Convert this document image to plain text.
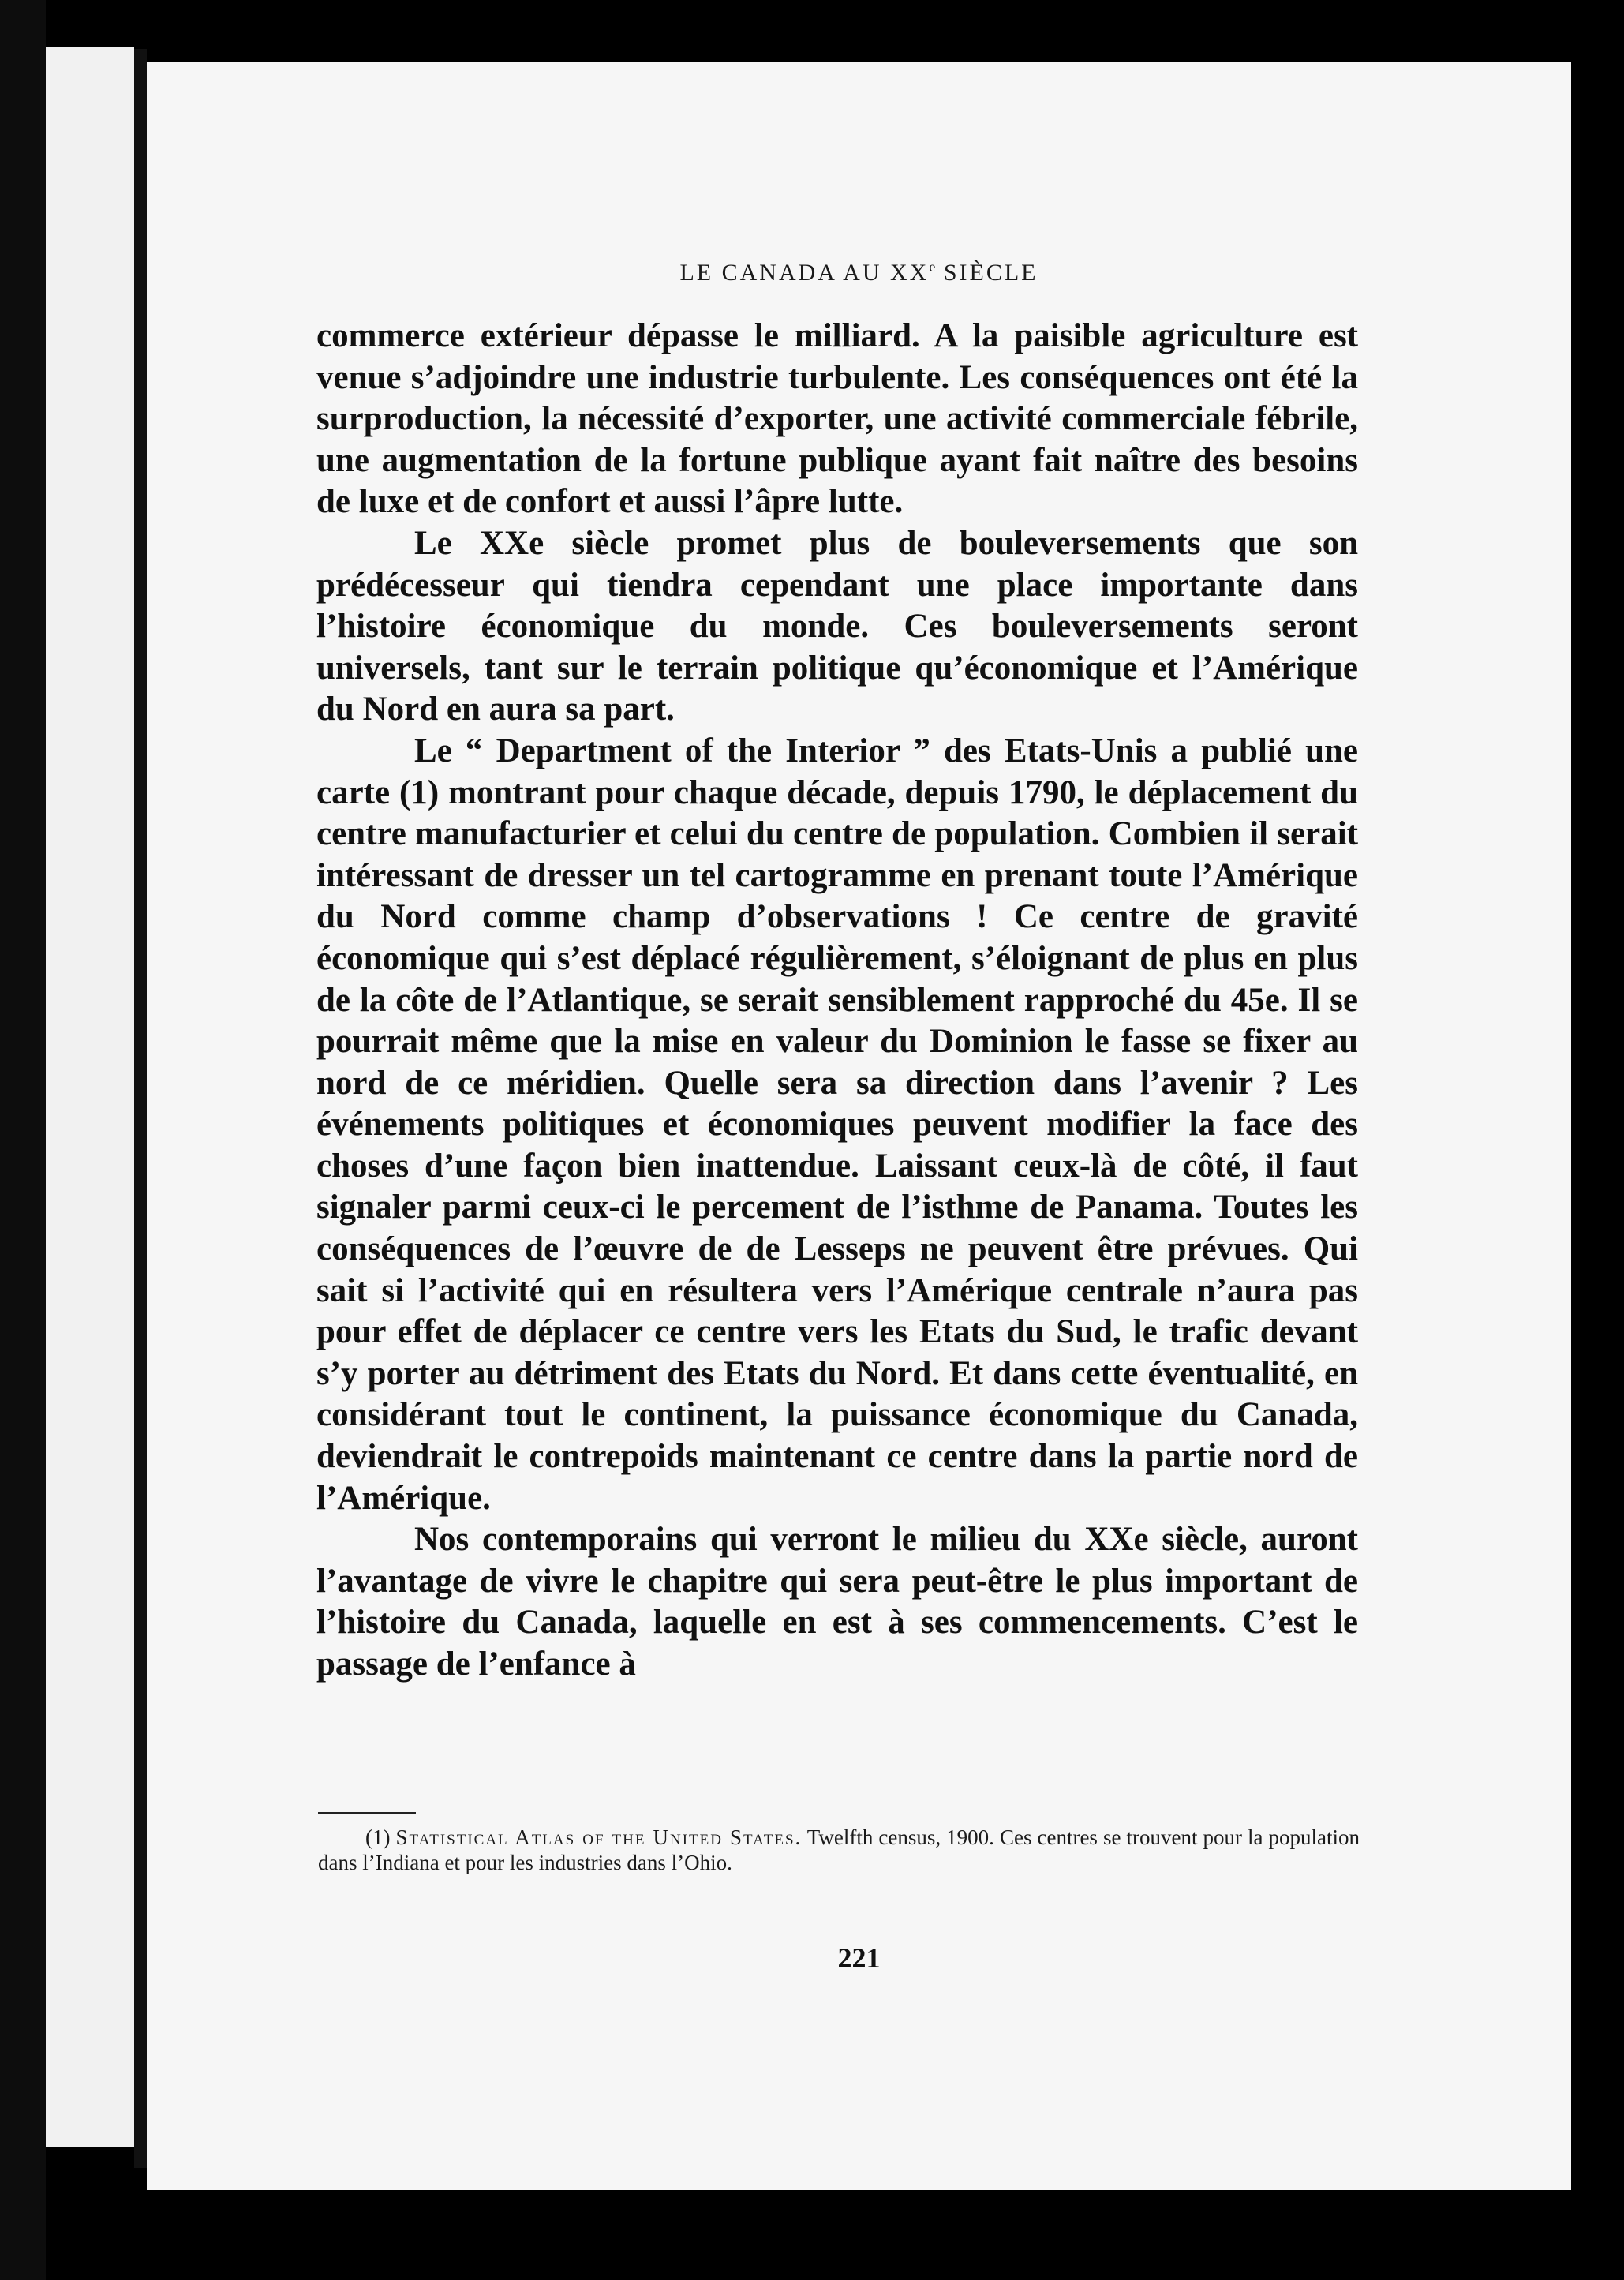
LE CANADA AU XXe SIÈCLE

commerce extérieur dépasse le milliard. A la paisible agriculture est venue s’adjoindre une industrie turbulente. Les conséquences ont été la surproduction, la nécessité d’exporter, une activité commerciale fébrile, une augmentation de la fortune publique ayant fait naître des besoins de luxe et de confort et aussi l’âpre lutte.

Le XXe siècle promet plus de bouleversements que son prédécesseur qui tiendra cependant une place importante dans l’histoire économique du monde. Ces bouleversements seront universels, tant sur le terrain politique qu’économique et l’Amérique du Nord en aura sa part.

Le “ Department of the Interior ” des Etats-Unis a publié une carte (1) montrant pour chaque décade, depuis 1790, le déplacement du centre manufacturier et celui du centre de population. Combien il serait intéressant de dresser un tel cartogramme en prenant toute l’Amérique du Nord comme champ d’observations ! Ce centre de gravité économique qui s’est déplacé régulièrement, s’éloignant de plus en plus de la côte de l’Atlantique, se serait sensiblement rapproché du 45e. Il se pourrait même que la mise en valeur du Dominion le fasse se fixer au nord de ce méridien. Quelle sera sa direction dans l’avenir ? Les événements politiques et économiques peuvent modifier la face des choses d’une façon bien inattendue. Laissant ceux-là de côté, il faut signaler parmi ceux-ci le percement de l’isthme de Panama. Toutes les conséquences de l’œuvre de de Lesseps ne peuvent être prévues. Qui sait si l’activité qui en résultera vers l’Amérique centrale n’aura pas pour effet de déplacer ce centre vers les Etats du Sud, le trafic devant s’y porter au détriment des Etats du Nord. Et dans cette éventualité, en considérant tout le continent, la puissance économique du Canada, deviendrait le contrepoids maintenant ce centre dans la partie nord de l’Amérique.

Nos contemporains qui verront le milieu du XXe siècle, auront l’avantage de vivre le chapitre qui sera peut-être le plus important de l’histoire du Canada, laquelle en est à ses commencements. C’est le passage de l’enfance à

(1) Statistical Atlas of the United States. Twelfth census, 1900. Ces centres se trouvent pour la population dans l’Indiana et pour les industries dans l’Ohio.

221
